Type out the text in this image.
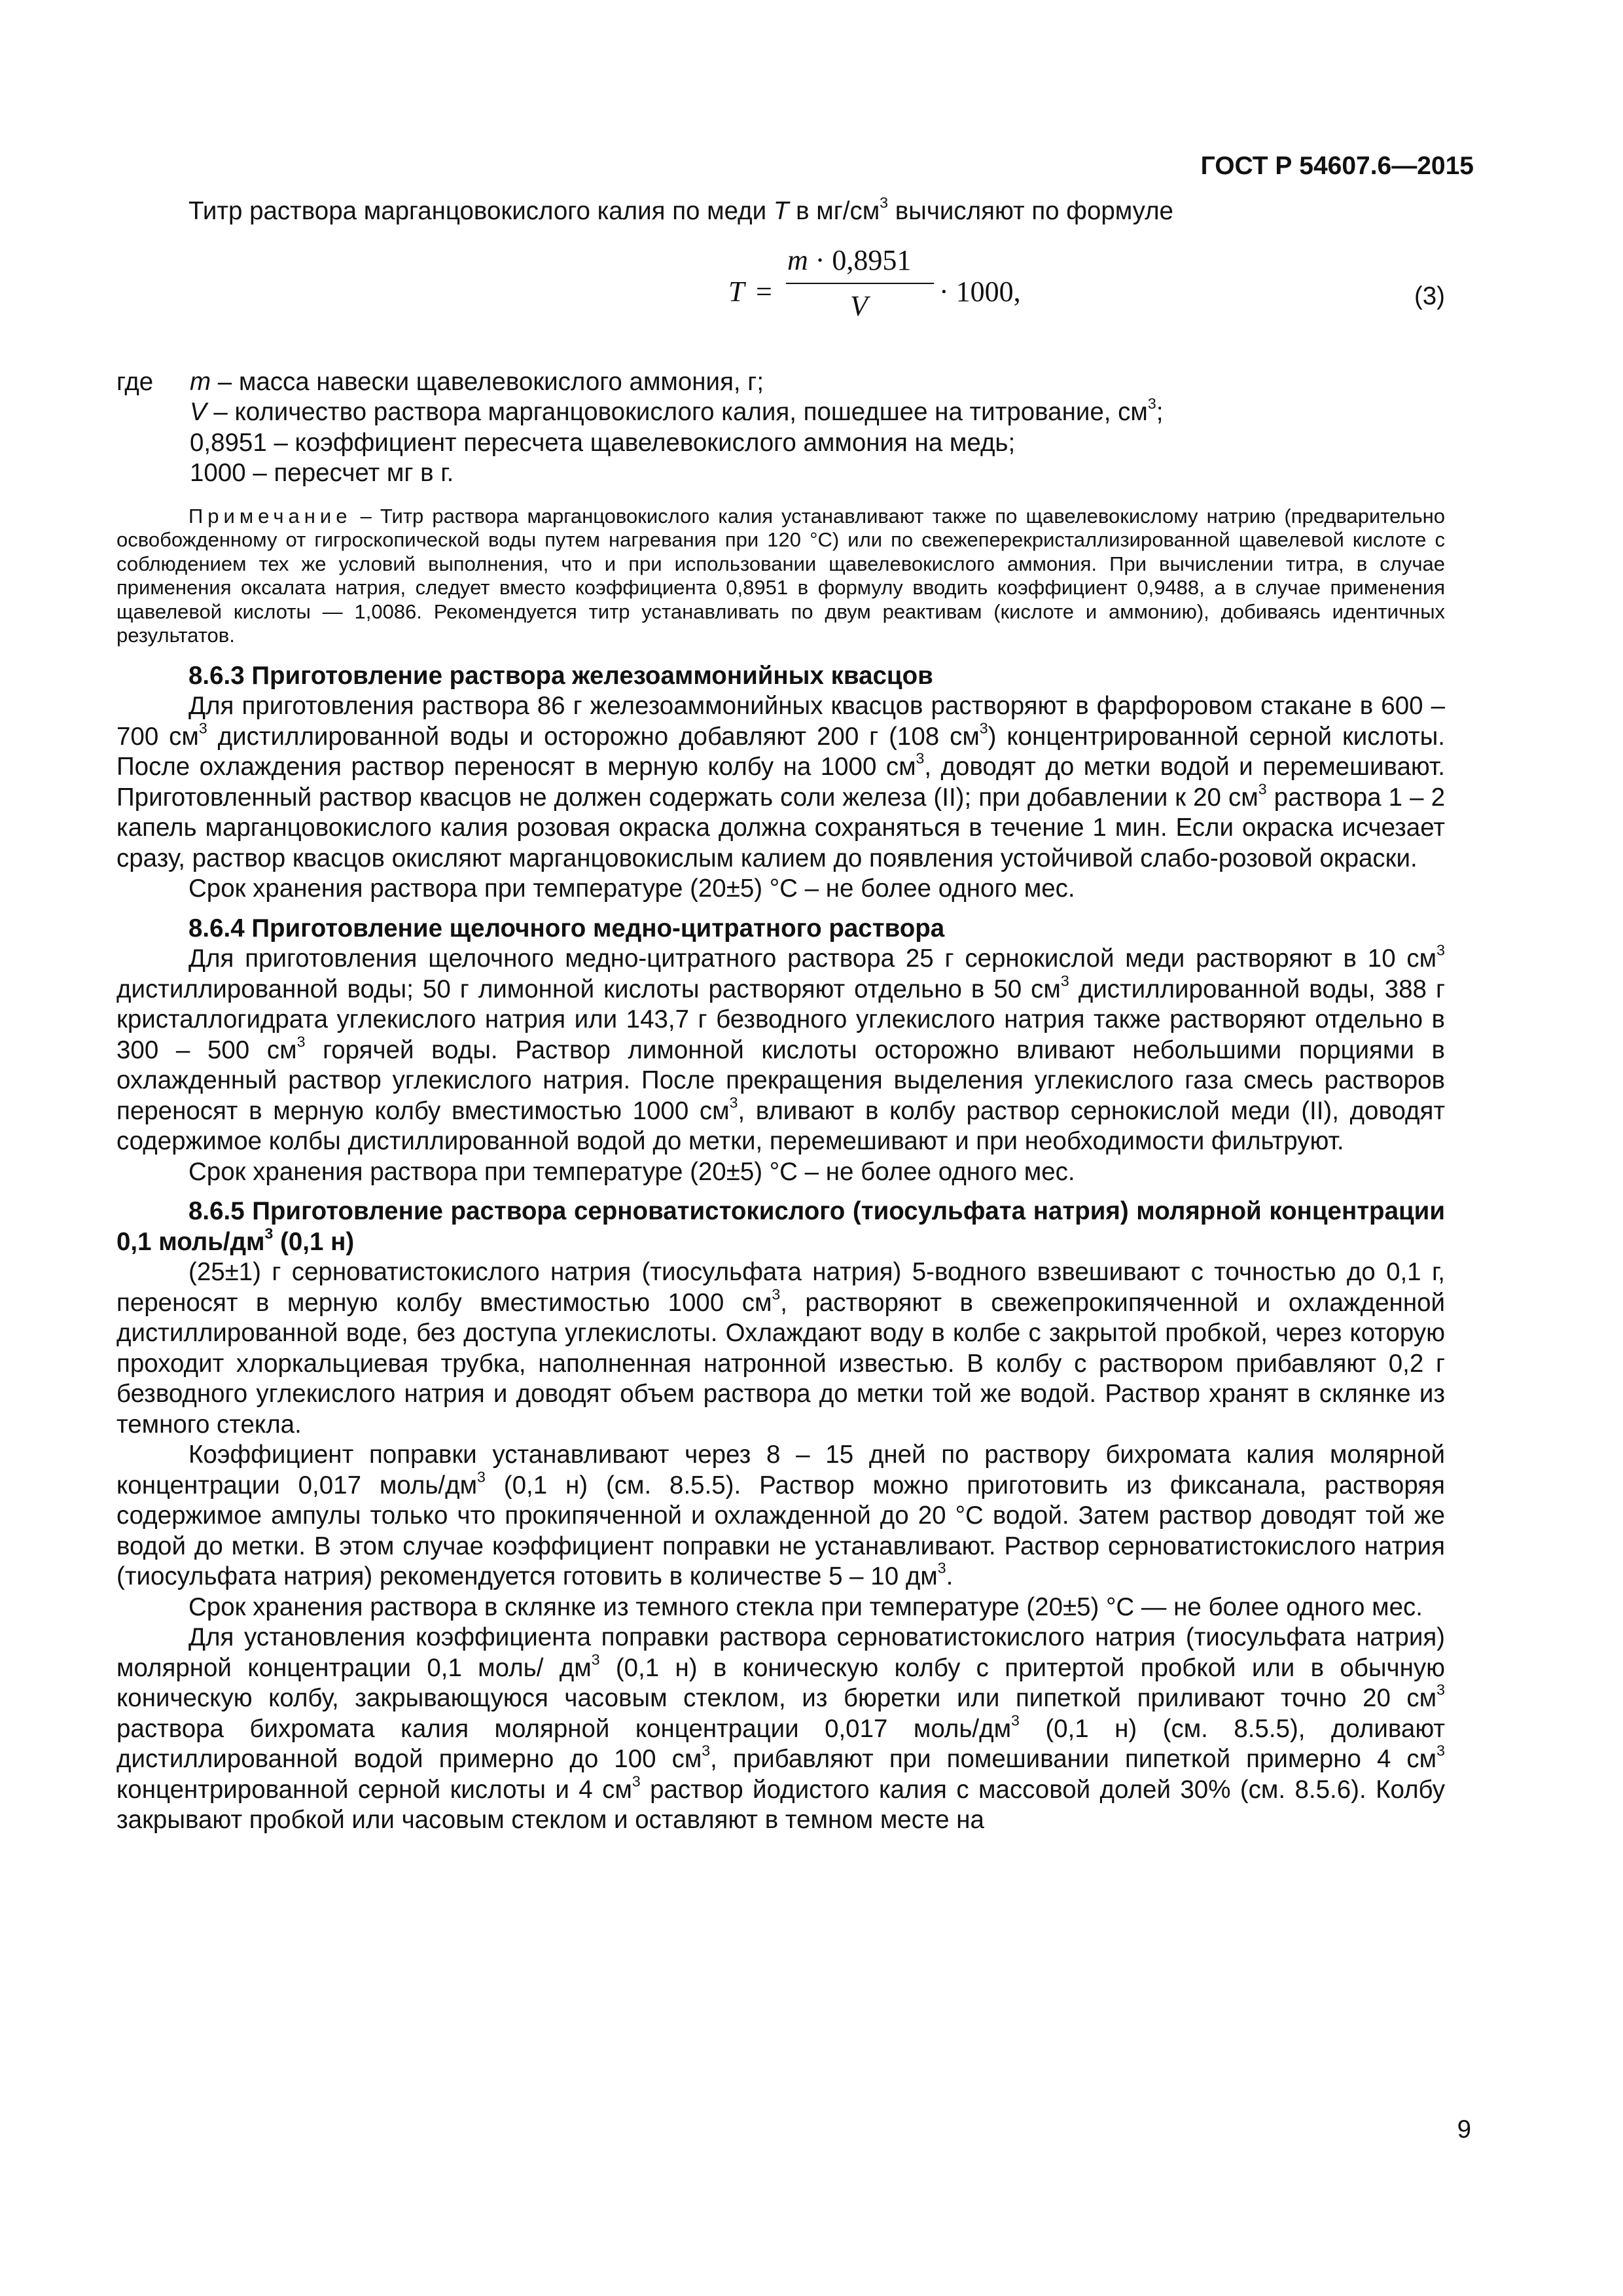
ГОСТ Р 54607.6—2015

Титр раствора марганцовокислого калия по меди T в $мг/см^3$ вычисляют по формуле

T =
m · 0,8951
V · 1000,	(3)
где m – масса навески щавелевокислого аммония, г;

V – количество раствора марганцовокислого калия, пошедшее на титрование, $см^3$;

0,8951 – коэффициент пересчета щавелевокислого аммония на медь;

1000 – пересчет мг в г.

Примечание – Титр раствора марганцовокислого калия устанавливают также по щавелевокислому натрию (предварительно освобожденному от гигроскопической воды путем нагревания при 120 °C) или по свежеперекристаллизированной щавелевой кислоте с соблюдением тех же условий выполнения, что и при использовании щавелевокислого аммония. При вычислении титра, в случае применения оксалата натрия, следует вместо коэффициента 0,8951 в формулу вводить коэффициент 0,9488, а в случае применения щавелевой кислоты — 1,0086. Рекомендуется титр устанавливать по двум реактивам (кислоте и аммонию), добиваясь идентичных результатов.

8.6.3 Приготовление раствора железоаммонийных квасцов

Для приготовления раствора 86 г железоаммонийных квасцов растворяют в фарфоровом стакане в 600 – 700 $см^3$ дистиллированной воды и осторожно добавляют 200 г (108 $см^3$) концентрированной серной кислоты. После охлаждения раствор переносят в мерную колбу на 1000 $см^3$, доводят до метки водой и перемешивают. Приготовленный раствор квасцов не должен содержать соли железа (II); при добавлении к 20 $см^3$ раствора 1 – 2 капель марганцовокислого калия розовая окраска должна сохраняться в течение 1 мин. Если окраска исчезает сразу, раствор квасцов окисляют марганцовокислым калием до появления устойчивой слабо-розовой окраски.

Срок хранения раствора при температуре (20±5) °С – не более одного мес.

8.6.4 Приготовление щелочного медно-цитратного раствора

Для приготовления щелочного медно-цитратного раствора 25 г сернокислой меди растворяют в 10 $см^3$ дистиллированной воды; 50 г лимонной кислоты растворяют отдельно в 50 $см^3$ дистиллированной воды, 388 г кристаллогидрата углекислого натрия или 143,7 г безводного углекислого натрия также растворяют отдельно в 300 – 500 $см^3$ горячей воды. Раствор лимонной кислоты осторожно вливают небольшими порциями в охлажденный раствор углекислого натрия. После прекращения выделения углекислого газа смесь растворов переносят в мерную колбу вместимостью 1000 $см^3$, вливают в колбу раствор сернокислой меди (II), доводят содержимое колбы дистиллированной водой до метки, перемешивают и при необходимости фильтруют.

Срок хранения раствора при температуре (20±5) °С – не более одного мес.

8.6.5 Приготовление раствора серноватистокислого (тиосульфата натрия) молярной концентрации 0,1 моль/$дм^3$ (0,1 н)

(25±1) г серноватистокислого натрия (тиосульфата натрия) 5-водного взвешивают с точностью до 0,1 г, переносят в мерную колбу вместимостью 1000 $см^3$, растворяют в свежепрокипяченной и охлажденной дистиллированной воде, без доступа углекислоты. Охлаждают воду в колбе с закрытой пробкой, через которую проходит хлоркальциевая трубка, наполненная натронной известью. В колбу с раствором прибавляют 0,2 г безводного углекислого натрия и доводят объем раствора до метки той же водой. Раствор хранят в склянке из темного стекла.

Коэффициент поправки устанавливают через 8 – 15 дней по раствору бихромата калия молярной концентрации 0,017 моль/$дм^3$ (0,1 н) (см. 8.5.5). Раствор можно приготовить из фиксанала, растворяя содержимое ампулы только что прокипяченной и охлажденной до 20 °С водой. Затем раствор доводят той же водой до метки. В этом случае коэффициент поправки не устанавливают. Раствор серноватистокислого натрия (тиосульфата натрия) рекомендуется готовить в количестве 5 – 10 $дм^3$.

Срок хранения раствора в склянке из темного стекла при температуре (20±5) °С — не более одного мес.

Для установления коэффициента поправки раствора серноватистокислого натрия (тиосульфата натрия) молярной концентрации 0,1 моль/ $дм^3$ (0,1 н) в коническую колбу с притертой пробкой или в обычную коническую колбу, закрывающуюся часовым стеклом, из бюретки или пипеткой приливают точно 20 $см^3$ раствора бихромата калия молярной концентрации 0,017 моль/$дм^3$ (0,1 н) (см. 8.5.5), доливают дистиллированной водой примерно до 100 $см^3$, прибавляют при помешивании пипеткой примерно 4 $см^3$ концентрированной серной кислоты и 4 $см^3$ раствор йодистого калия с массовой долей 30% (см. 8.5.6). Колбу закрывают пробкой или часовым стеклом и оставляют в темном месте на

9
